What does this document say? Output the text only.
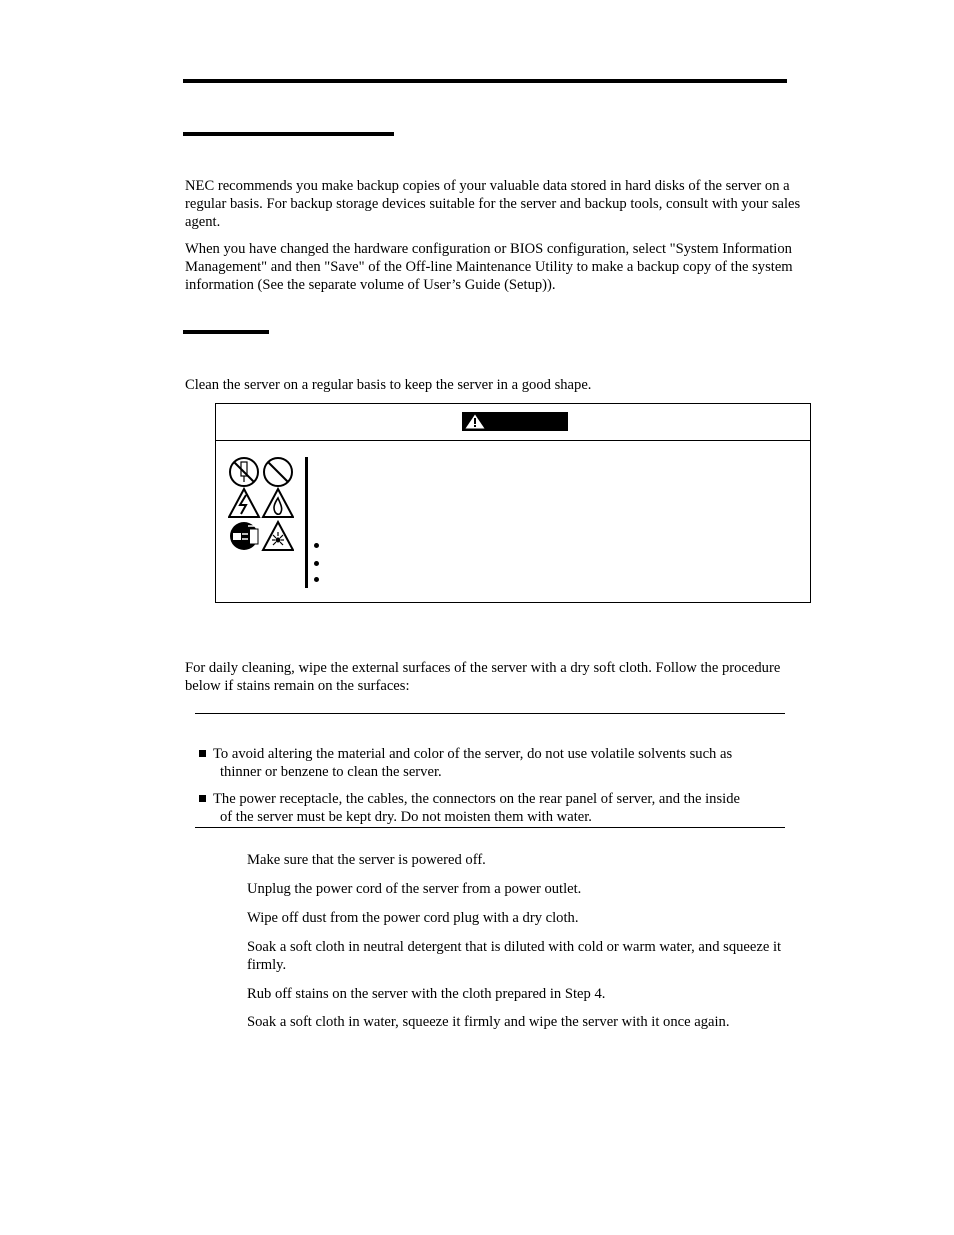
NEC recommends you make backup copies of your valuable data stored in hard disks of the server on a regular basis. For backup storage devices suitable for the server and backup tools, consult with your sales agent.

When you have changed the hardware configuration or BIOS configuration, select "System Information Management" and then "Save" of the Off-line Maintenance Utility to make a backup copy of the system information (See the separate volume of User’s Guide (Setup)).

Clean the server on a regular basis to keep the server in a good shape.

For daily cleaning, wipe the external surfaces of the server with a dry soft cloth. Follow the procedure below if stains remain on the surfaces:

To avoid altering the material and color of the server, do not use volatile solvents such as
thinner or benzene to clean the server.

The power receptacle, the cables, the connectors on the rear panel of server, and the inside
of the server must be kept dry. Do not moisten them with water.

Make sure that the server is powered off.

Unplug the power cord of the server from a power outlet.

Wipe off dust from the power cord plug with a dry cloth.

Soak a soft cloth in neutral detergent that is diluted with cold or warm water, and squeeze it firmly.

Rub off stains on the server with the cloth prepared in Step 4.

Soak a soft cloth in water, squeeze it firmly and wipe the server with it once again.
